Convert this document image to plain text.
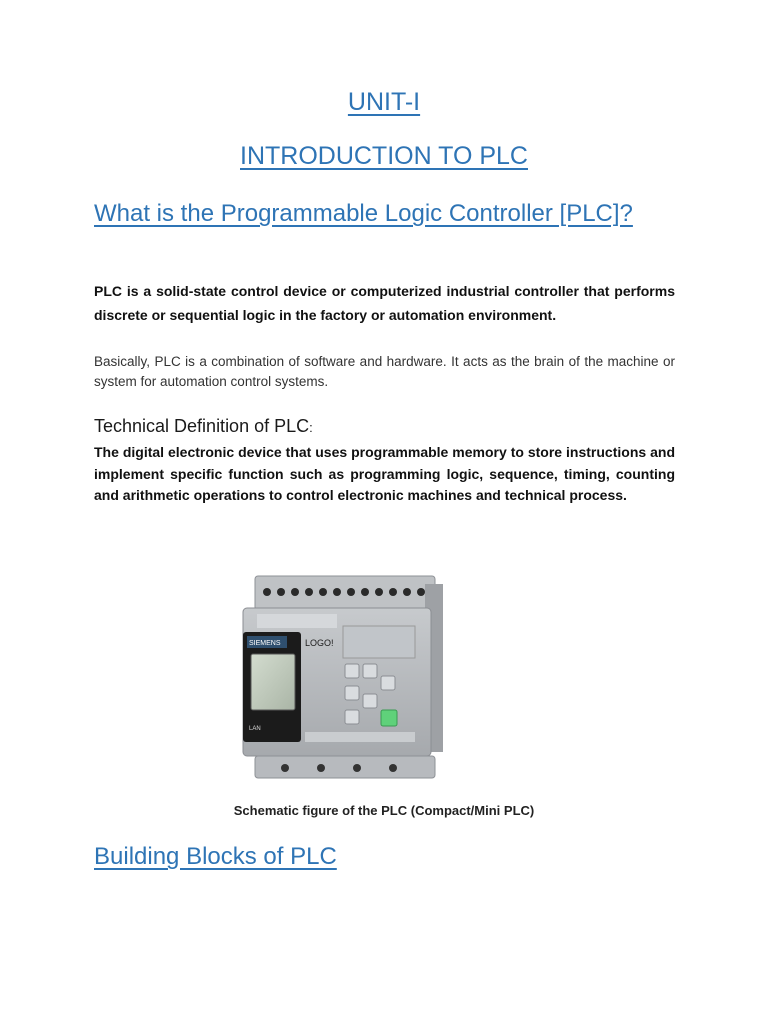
UNIT-I
INTRODUCTION TO PLC
What is the Programmable Logic Controller [PLC]?
PLC is a solid-state control device or computerized industrial controller that performs discrete or sequential logic in the factory or automation environment.
Basically, PLC is a combination of software and hardware. It acts as the brain of the machine or system for automation control systems.
Technical Definition of PLC:
The digital electronic device that uses programmable memory to store instructions and implement specific function such as programming logic, sequence, timing, counting and arithmetic operations to control electronic machines and technical process.
SIEMENS
LAN
LOGO!
Schematic figure of the PLC (Compact/Mini PLC)
Building Blocks of PLC
